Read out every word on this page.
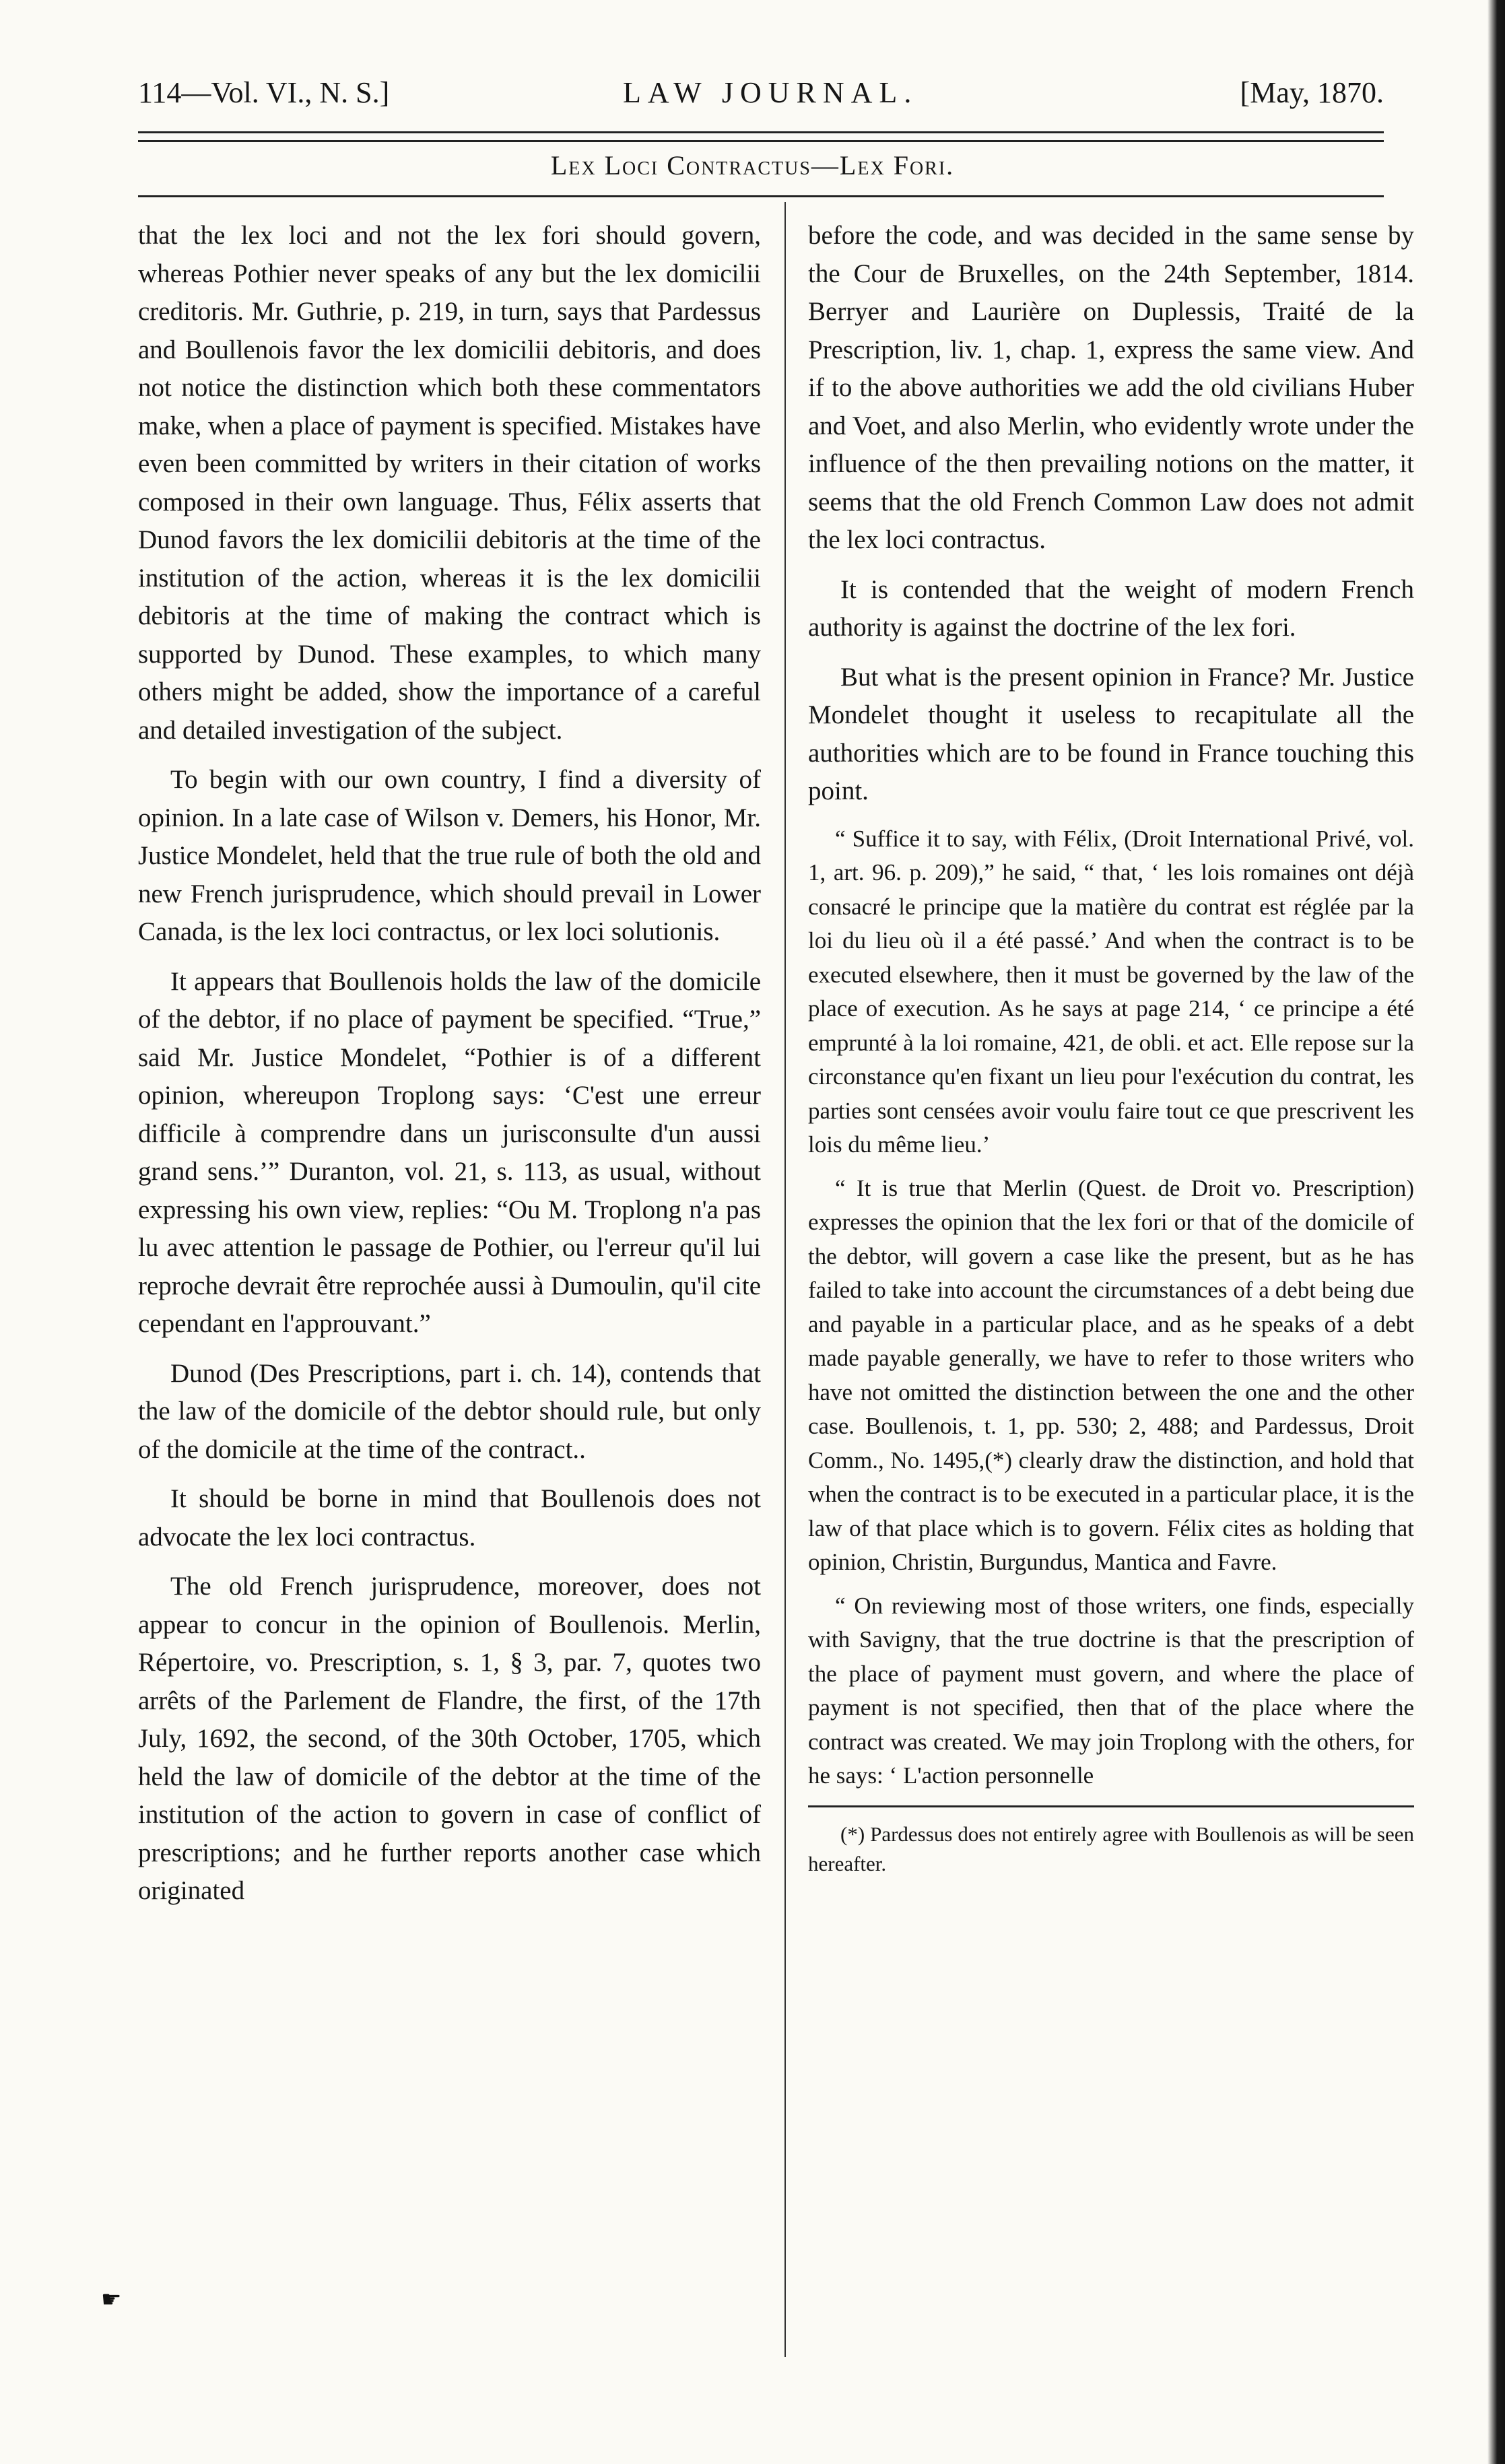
114—Vol. VI., N. S.]	LAW JOURNAL.	[May, 1870.
Lex Loci Contractus—Lex Fori.

that the lex loci and not the lex fori should govern, whereas Pothier never speaks of any but the lex domicilii creditoris. Mr. Guthrie, p. 219, in turn, says that Pardessus and Boullenois favor the lex domicilii debitoris, and does not notice the distinction which both these commentators make, when a place of payment is specified. Mistakes have even been committed by writers in their citation of works composed in their own language. Thus, Félix asserts that Dunod favors the lex domicilii debitoris at the time of the institution of the action, whereas it is the lex domicilii debitoris at the time of making the contract which is supported by Dunod. These examples, to which many others might be added, show the importance of a careful and detailed investigation of the subject.

To begin with our own country, I find a diversity of opinion. In a late case of Wilson v. Demers, his Honor, Mr. Justice Mondelet, held that the true rule of both the old and new French jurisprudence, which should prevail in Lower Canada, is the lex loci contractus, or lex loci solutionis.

It appears that Boullenois holds the law of the domicile of the debtor, if no place of payment be specified. “True,” said Mr. Justice Mondelet, “Pothier is of a different opinion, whereupon Troplong says: ‘C'est une erreur difficile à comprendre dans un jurisconsulte d'un aussi grand sens.’” Duranton, vol. 21, s. 113, as usual, without expressing his own view, replies: “Ou M. Troplong n'a pas lu avec attention le passage de Pothier, ou l'erreur qu'il lui reproche devrait être reprochée aussi à Dumoulin, qu'il cite cependant en l'approuvant.”

Dunod (Des Prescriptions, part i. ch. 14), contends that the law of the domicile of the debtor should rule, but only of the domicile at the time of the contract..

It should be borne in mind that Boullenois does not advocate the lex loci contractus.

The old French jurisprudence, moreover, does not appear to concur in the opinion of Boullenois. Merlin, Répertoire, vo. Prescription, s. 1, § 3, par. 7, quotes two arrêts of the Parlement de Flandre, the first, of the 17th July, 1692, the second, of the 30th October, 1705, which held the law of domicile of the debtor at the time of the institution of the action to govern in case of conflict of prescriptions; and he further reports another case which originated

before the code, and was decided in the same sense by the Cour de Bruxelles, on the 24th September, 1814. Berryer and Laurière on Duplessis, Traité de la Prescription, liv. 1, chap. 1, express the same view. And if to the above authorities we add the old civilians Huber and Voet, and also Merlin, who evidently wrote under the influence of the then prevailing notions on the matter, it seems that the old French Common Law does not admit the lex loci contractus.

It is contended that the weight of modern French authority is against the doctrine of the lex fori.

But what is the present opinion in France? Mr. Justice Mondelet thought it useless to recapitulate all the authorities which are to be found in France touching this point.

“ Suffice it to say, with Félix, (Droit International Privé, vol. 1, art. 96. p. 209),” he said, “ that, ‘ les lois romaines ont déjà consacré le principe que la matière du contrat est réglée par la loi du lieu où il a été passé.’ And when the contract is to be executed elsewhere, then it must be governed by the law of the place of execution. As he says at page 214, ‘ ce principe a été emprunté à la loi romaine, 421, de obli. et act. Elle repose sur la circonstance qu'en fixant un lieu pour l'exécution du contrat, les parties sont censées avoir voulu faire tout ce que prescrivent les lois du même lieu.’

“ It is true that Merlin (Quest. de Droit vo. Prescription) expresses the opinion that the lex fori or that of the domicile of the debtor, will govern a case like the present, but as he has failed to take into account the circumstances of a debt being due and payable in a particular place, and as he speaks of a debt made payable generally, we have to refer to those writers who have not omitted the distinction between the one and the other case. Boullenois, t. 1, pp. 530; 2, 488; and Pardessus, Droit Comm., No. 1495,(*) clearly draw the distinction, and hold that when the contract is to be executed in a particular place, it is the law of that place which is to govern. Félix cites as holding that opinion, Christin, Burgundus, Mantica and Favre.

“ On reviewing most of those writers, one finds, especially with Savigny, that the true doctrine is that the prescription of the place of payment must govern, and where the place of payment is not specified, then that of the place where the contract was created. We may join Troplong with the others, for he says: ‘ L'action personnelle

(*) Pardessus does not entirely agree with Boullenois as will be seen hereafter.

☛
